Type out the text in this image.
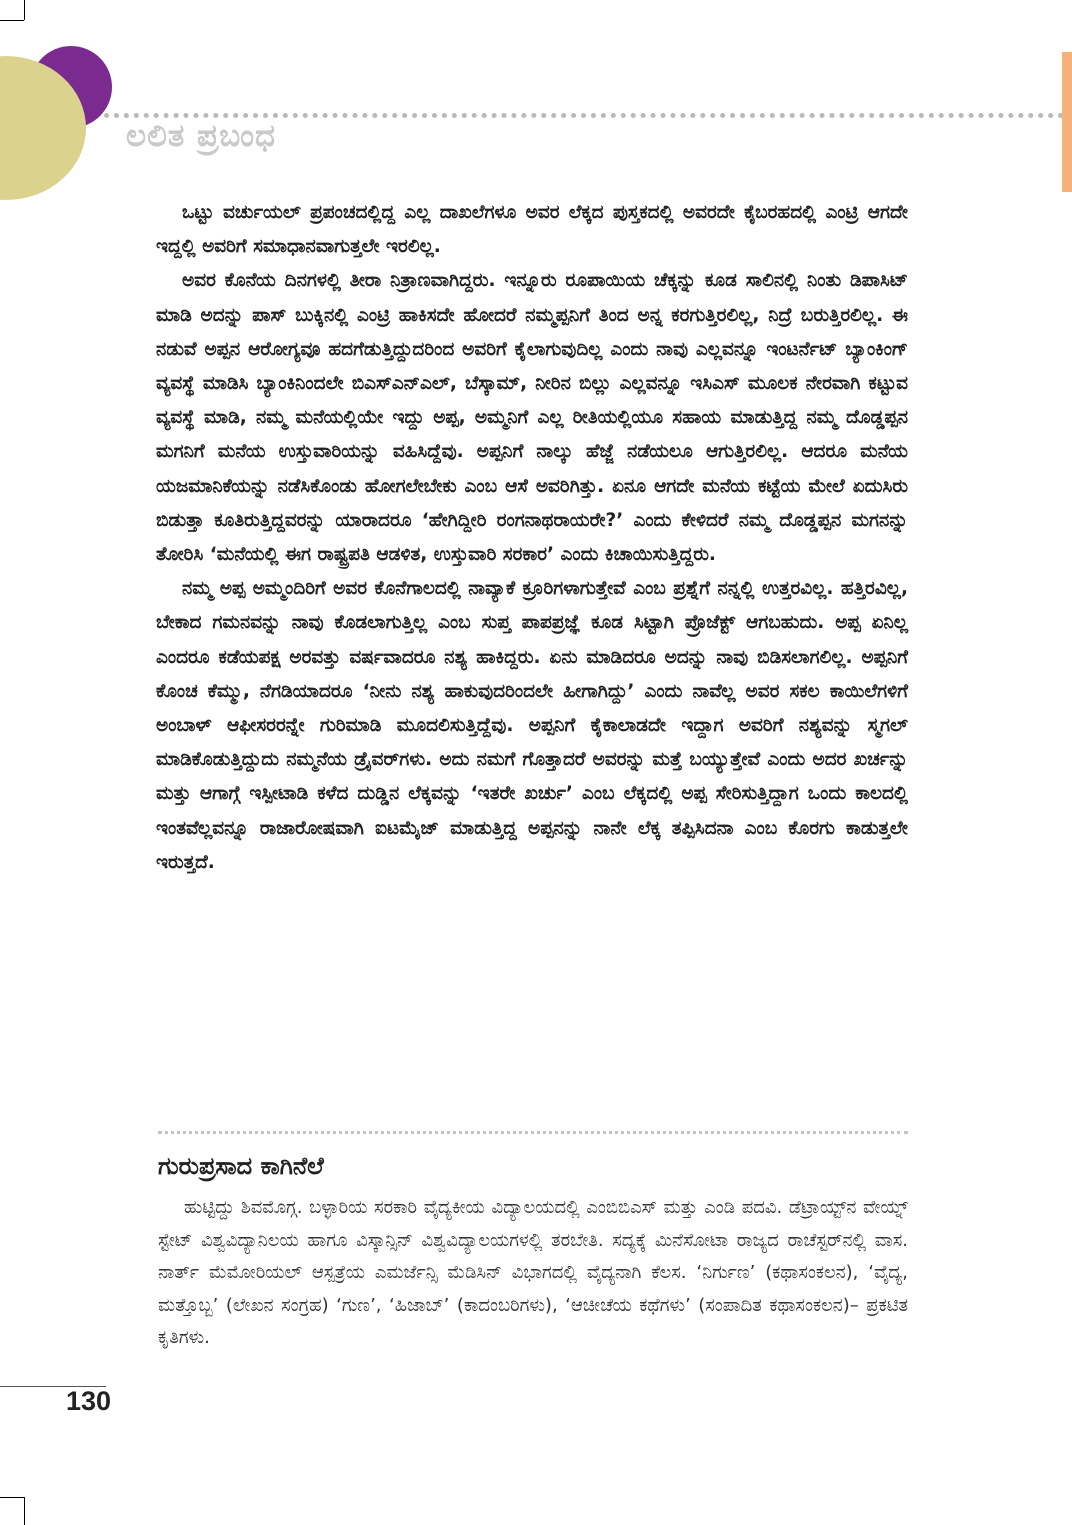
ಲಲಿತ ಪ್ರಬಂಧ

ಒಟ್ಟು ವರ್ಚುಯಲ್ ಪ್ರಪಂಚದಲ್ಲಿದ್ದ ಎಲ್ಲ ದಾಖಲೆಗಳೂ ಅವರ ಲೆಕ್ಕದ ಪುಸ್ತಕದಲ್ಲಿ ಅವರದೇ ಕೈಬರಹದಲ್ಲಿ ಎಂಟ್ರಿ ಆಗದೇ ಇದ್ದಲ್ಲಿ ಅವರಿಗೆ ಸಮಾಧಾನವಾಗುತ್ತಲೇ ಇರಲಿಲ್ಲ.

ಅವರ ಕೊನೆಯ ದಿನಗಳಲ್ಲಿ ತೀರಾ ನಿತ್ರಾಣವಾಗಿದ್ದರು. ಇನ್ನೂರು ರೂಪಾಯಿಯ ಚೆಕ್ಕನ್ನು ಕೂಡ ಸಾಲಿನಲ್ಲಿ ನಿಂತು ಡಿಪಾಸಿಟ್ ಮಾಡಿ ಅದನ್ನು ಪಾಸ್ ಬುಕ್ಕಿನಲ್ಲಿ ಎಂಟ್ರಿ ಹಾಕಿಸದೇ ಹೋದರೆ ನಮ್ಮಪ್ಪನಿಗೆ ತಿಂದ ಅನ್ನ ಕರಗುತ್ತಿರಲಿಲ್ಲ, ನಿದ್ರೆ ಬರುತ್ತಿರಲಿಲ್ಲ. ಈ ನಡುವೆ ಅಪ್ಪನ ಆರೋಗ್ಯವೂ ಹದಗೆಡುತ್ತಿದ್ದುದರಿಂದ ಅವರಿಗೆ ಕೈಲಾಗುವುದಿಲ್ಲ ಎಂದು ನಾವು ಎಲ್ಲವನ್ನೂ ಇಂಟರ್ನೆಟ್ ಬ್ಯಾಂಕಿಂಗ್ ವ್ಯವಸ್ಥೆ ಮಾಡಿಸಿ ಬ್ಯಾಂಕಿನಿಂದಲೇ ಬಿಎಸ್ಎನ್ಎಲ್, ಬೆಸ್ಕಾಮ್, ನೀರಿನ ಬಿಲ್ಲು ಎಲ್ಲವನ್ನೂ ಇಸಿಎಸ್ ಮೂಲಕ ನೇರವಾಗಿ ಕಟ್ಟುವ ವ್ಯವಸ್ಥೆ ಮಾಡಿ, ನಮ್ಮ ಮನೆಯಲ್ಲಿಯೇ ಇದ್ದು ಅಪ್ಪ, ಅಮ್ಮನಿಗೆ ಎಲ್ಲ ರೀತಿಯಲ್ಲಿಯೂ ಸಹಾಯ ಮಾಡುತ್ತಿದ್ದ ನಮ್ಮ ದೊಡ್ಡಪ್ಪನ ಮಗನಿಗೆ ಮನೆಯ ಉಸ್ತುವಾರಿಯನ್ನು ವಹಿಸಿದ್ದೆವು. ಅಪ್ಪನಿಗೆ ನಾಲ್ಕು ಹೆಜ್ಜೆ ನಡೆಯಲೂ ಆಗುತ್ತಿರಲಿಲ್ಲ. ಆದರೂ ಮನೆಯ ಯಜಮಾನಿಕೆಯನ್ನು ನಡೆಸಿಕೊಂಡು ಹೋಗಲೇಬೇಕು ಎಂಬ ಆಸೆ ಅವರಿಗಿತ್ತು. ಏನೂ ಆಗದೇ ಮನೆಯ ಕಟ್ಟೆಯ ಮೇಲೆ ಏದುಸಿರು ಬಿಡುತ್ತಾ ಕೂತಿರುತ್ತಿದ್ದವರನ್ನು ಯಾರಾದರೂ ‘ಹೇಗಿದ್ದೀರಿ ರಂಗನಾಥರಾಯರೇ?’ ಎಂದು ಕೇಳಿದರೆ ನಮ್ಮ ದೊಡ್ಡಪ್ಪನ ಮಗನನ್ನು ತೋರಿಸಿ ‘ಮನೆಯಲ್ಲಿ ಈಗ ರಾಷ್ಟ್ರಪತಿ ಆಡಳಿತ, ಉಸ್ತುವಾರಿ ಸರಕಾರ’ ಎಂದು ಕಿಚಾಯಿಸುತ್ತಿದ್ದರು.

ನಮ್ಮ ಅಪ್ಪ ಅಮ್ಮಂದಿರಿಗೆ ಅವರ ಕೊನೆಗಾಲದಲ್ಲಿ ನಾವ್ಯಾಕೆ ಕ್ರೂರಿಗಳಾಗುತ್ತೇವೆ ಎಂಬ ಪ್ರಶ್ನೆಗೆ ನನ್ನಲ್ಲಿ ಉತ್ತರವಿಲ್ಲ. ಹತ್ತಿರವಿಲ್ಲ, ಬೇಕಾದ ಗಮನವನ್ನು ನಾವು ಕೊಡಲಾಗುತ್ತಿಲ್ಲ ಎಂಬ ಸುಪ್ತ ಪಾಪಪ್ರಜ್ಞೆ ಕೂಡ ಸಿಟ್ಟಾಗಿ ಪ್ರೊಜೆಕ್ಟ್ ಆಗಬಹುದು. ಅಪ್ಪ ಏನಿಲ್ಲ ಎಂದರೂ ಕಡೆಯಪಕ್ಷ ಅರವತ್ತು ವರ್ಷವಾದರೂ ನಶ್ಯ ಹಾಕಿದ್ದರು. ಏನು ಮಾಡಿದರೂ ಅದನ್ನು ನಾವು ಬಿಡಿಸಲಾಗಲಿಲ್ಲ. ಅಪ್ಪನಿಗೆ ಕೊಂಚ ಕೆಮ್ಮು, ನೆಗಡಿಯಾದರೂ ‘ನೀನು ನಶ್ಯ ಹಾಕುವುದರಿಂದಲೇ ಹೀಗಾಗಿದ್ದು’ ಎಂದು ನಾವೆಲ್ಲ ಅವರ ಸಕಲ ಕಾಯಿಲೆಗಳಿಗೆ ಅಂಬಾಳ್ ಆಫೀಸರರನ್ನೇ ಗುರಿಮಾಡಿ ಮೂದಲಿಸುತ್ತಿದ್ದೆವು. ಅಪ್ಪನಿಗೆ ಕೈಕಾಲಾಡದೇ ಇದ್ದಾಗ ಅವರಿಗೆ ನಶ್ಯವನ್ನು ಸ್ಮಗಲ್ ಮಾಡಿಕೊಡುತ್ತಿದ್ದುದು ನಮ್ಮನೆಯ ಡ್ರೈವರ್‌ಗಳು. ಅದು ನಮಗೆ ಗೊತ್ತಾದರೆ ಅವರನ್ನು ಮತ್ತೆ ಬಯ್ಯುತ್ತೇವೆ ಎಂದು ಅದರ ಖರ್ಚನ್ನು ಮತ್ತು ಆಗಾಗ್ಗೆ ಇಸ್ಪೀಟಾಡಿ ಕಳೆದ ದುಡ್ಡಿನ ಲೆಕ್ಕವನ್ನು ‘ಇತರೇ ಖರ್ಚು’ ಎಂಬ ಲೆಕ್ಕದಲ್ಲಿ ಅಪ್ಪ ಸೇರಿಸುತ್ತಿದ್ದಾಗ ಒಂದು ಕಾಲದಲ್ಲಿ ಇಂತವೆಲ್ಲವನ್ನೂ ರಾಜಾರೋಷವಾಗಿ ಐಟಮೈಜ್ ಮಾಡುತ್ತಿದ್ದ ಅಪ್ಪನನ್ನು ನಾನೇ ಲೆಕ್ಕ ತಪ್ಪಿಸಿದನಾ ಎಂಬ ಕೊರಗು ಕಾಡುತ್ತಲೇ ಇರುತ್ತದೆ.

ಗುರುಪ್ರಸಾದ ಕಾಗಿನೆಲೆ

ಹುಟ್ಟಿದ್ದು ಶಿವಮೊಗ್ಗ. ಬಳ್ಳಾರಿಯ ಸರಕಾರಿ ವೈದ್ಯಕೀಯ ವಿದ್ಯಾಲಯದಲ್ಲಿ ಎಂಬಿಬಿಎಸ್ ಮತ್ತು ಎಂಡಿ ಪದವಿ. ಡೆಟ್ರಾಯ್ಟ್‌ನ ವೇಯ್ನ್ ಸ್ಟೇಟ್ ವಿಶ್ವವಿದ್ಯಾನಿಲಯ ಹಾಗೂ ವಿಸ್ಕಾನ್ಸಿನ್ ವಿಶ್ವವಿದ್ಯಾಲಯಗಳಲ್ಲಿ ತರಬೇತಿ. ಸದ್ಯಕ್ಕೆ ಮಿನೆಸೋಟಾ ರಾಜ್ಯದ ರಾಚೆಸ್ಟರ್‌ನಲ್ಲಿ ವಾಸ. ನಾರ್ತ್ ಮೆಮೋರಿಯಲ್ ಆಸ್ಪತ್ರೆಯ ಎಮರ್ಜೆನ್ಸಿ ಮೆಡಿಸಿನ್ ವಿಭಾಗದಲ್ಲಿ ವೈದ್ಯನಾಗಿ ಕೆಲಸ. ‘ನಿರ್ಗುಣ’ (ಕಥಾಸಂಕಲನ), ‘ವೈದ್ಯ, ಮತ್ತೊಬ್ಬ’ (ಲೇಖನ ಸಂಗ್ರಹ) ‘ಗುಣ’, ‘ಹಿಜಾಬ್’ (ಕಾದಂಬರಿಗಳು), ‘ಆಚೀಚೆಯ ಕಥೆಗಳು’ (ಸಂಪಾದಿತ ಕಥಾಸಂಕಲನ)– ಪ್ರಕಟಿತ ಕೃತಿಗಳು.

130
